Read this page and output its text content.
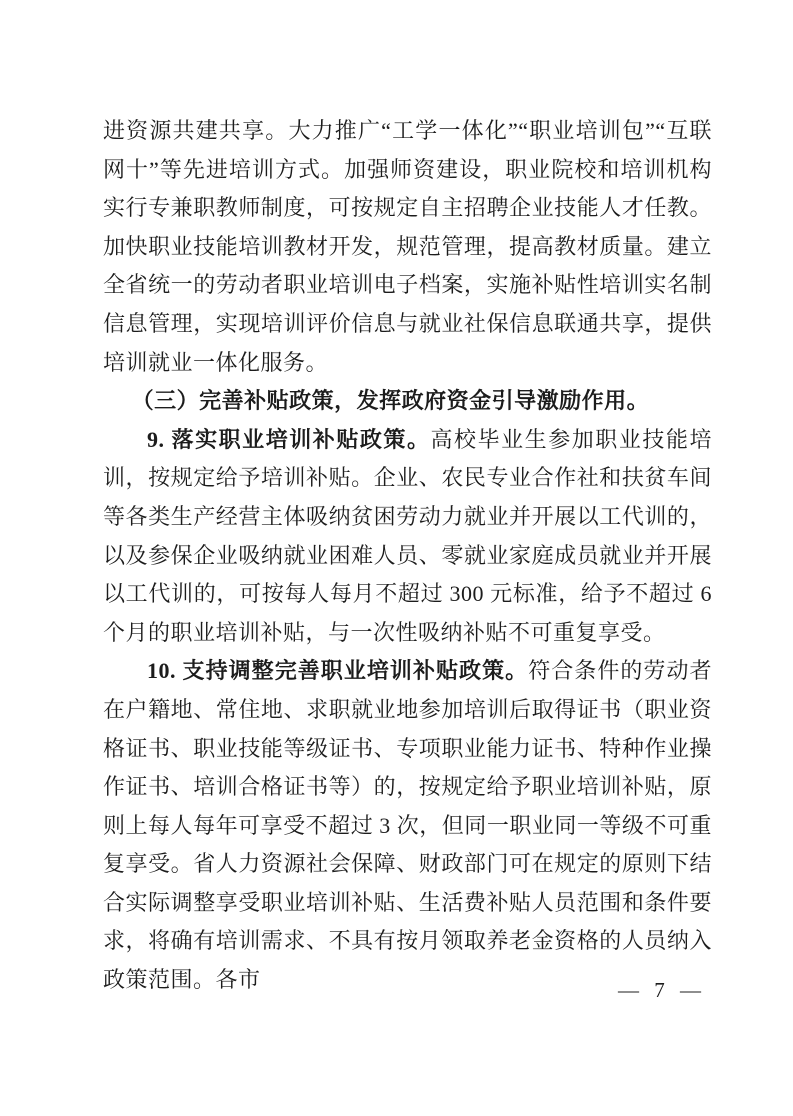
进资源共建共享。大力推广“工学一体化”“职业培训包”“互联网十”等先进培训方式。加强师资建设，职业院校和培训机构实行专兼职教师制度，可按规定自主招聘企业技能人才任教。加快职业技能培训教材开发，规范管理，提高教材质量。建立全省统一的劳动者职业培训电子档案，实施补贴性培训实名制信息管理，实现培训评价信息与就业社保信息联通共享，提供培训就业一体化服务。

（三）完善补贴政策，发挥政府资金引导激励作用。

9. 落实职业培训补贴政策。高校毕业生参加职业技能培训，按规定给予培训补贴。企业、农民专业合作社和扶贫车间等各类生产经营主体吸纳贫困劳动力就业并开展以工代训的，以及参保企业吸纳就业困难人员、零就业家庭成员就业并开展以工代训的，可按每人每月不超过 300 元标准，给予不超过 6 个月的职业培训补贴，与一次性吸纳补贴不可重复享受。

10. 支持调整完善职业培训补贴政策。符合条件的劳动者在户籍地、常住地、求职就业地参加培训后取得证书（职业资格证书、职业技能等级证书、专项职业能力证书、特种作业操作证书、培训合格证书等）的，按规定给予职业培训补贴，原则上每人每年可享受不超过 3 次，但同一职业同一等级不可重复享受。省人力资源社会保障、财政部门可在规定的原则下结合实际调整享受职业培训补贴、生活费补贴人员范围和条件要求，将确有培训需求、不具有按月领取养老金资格的人员纳入政策范围。各市	— 7 —
